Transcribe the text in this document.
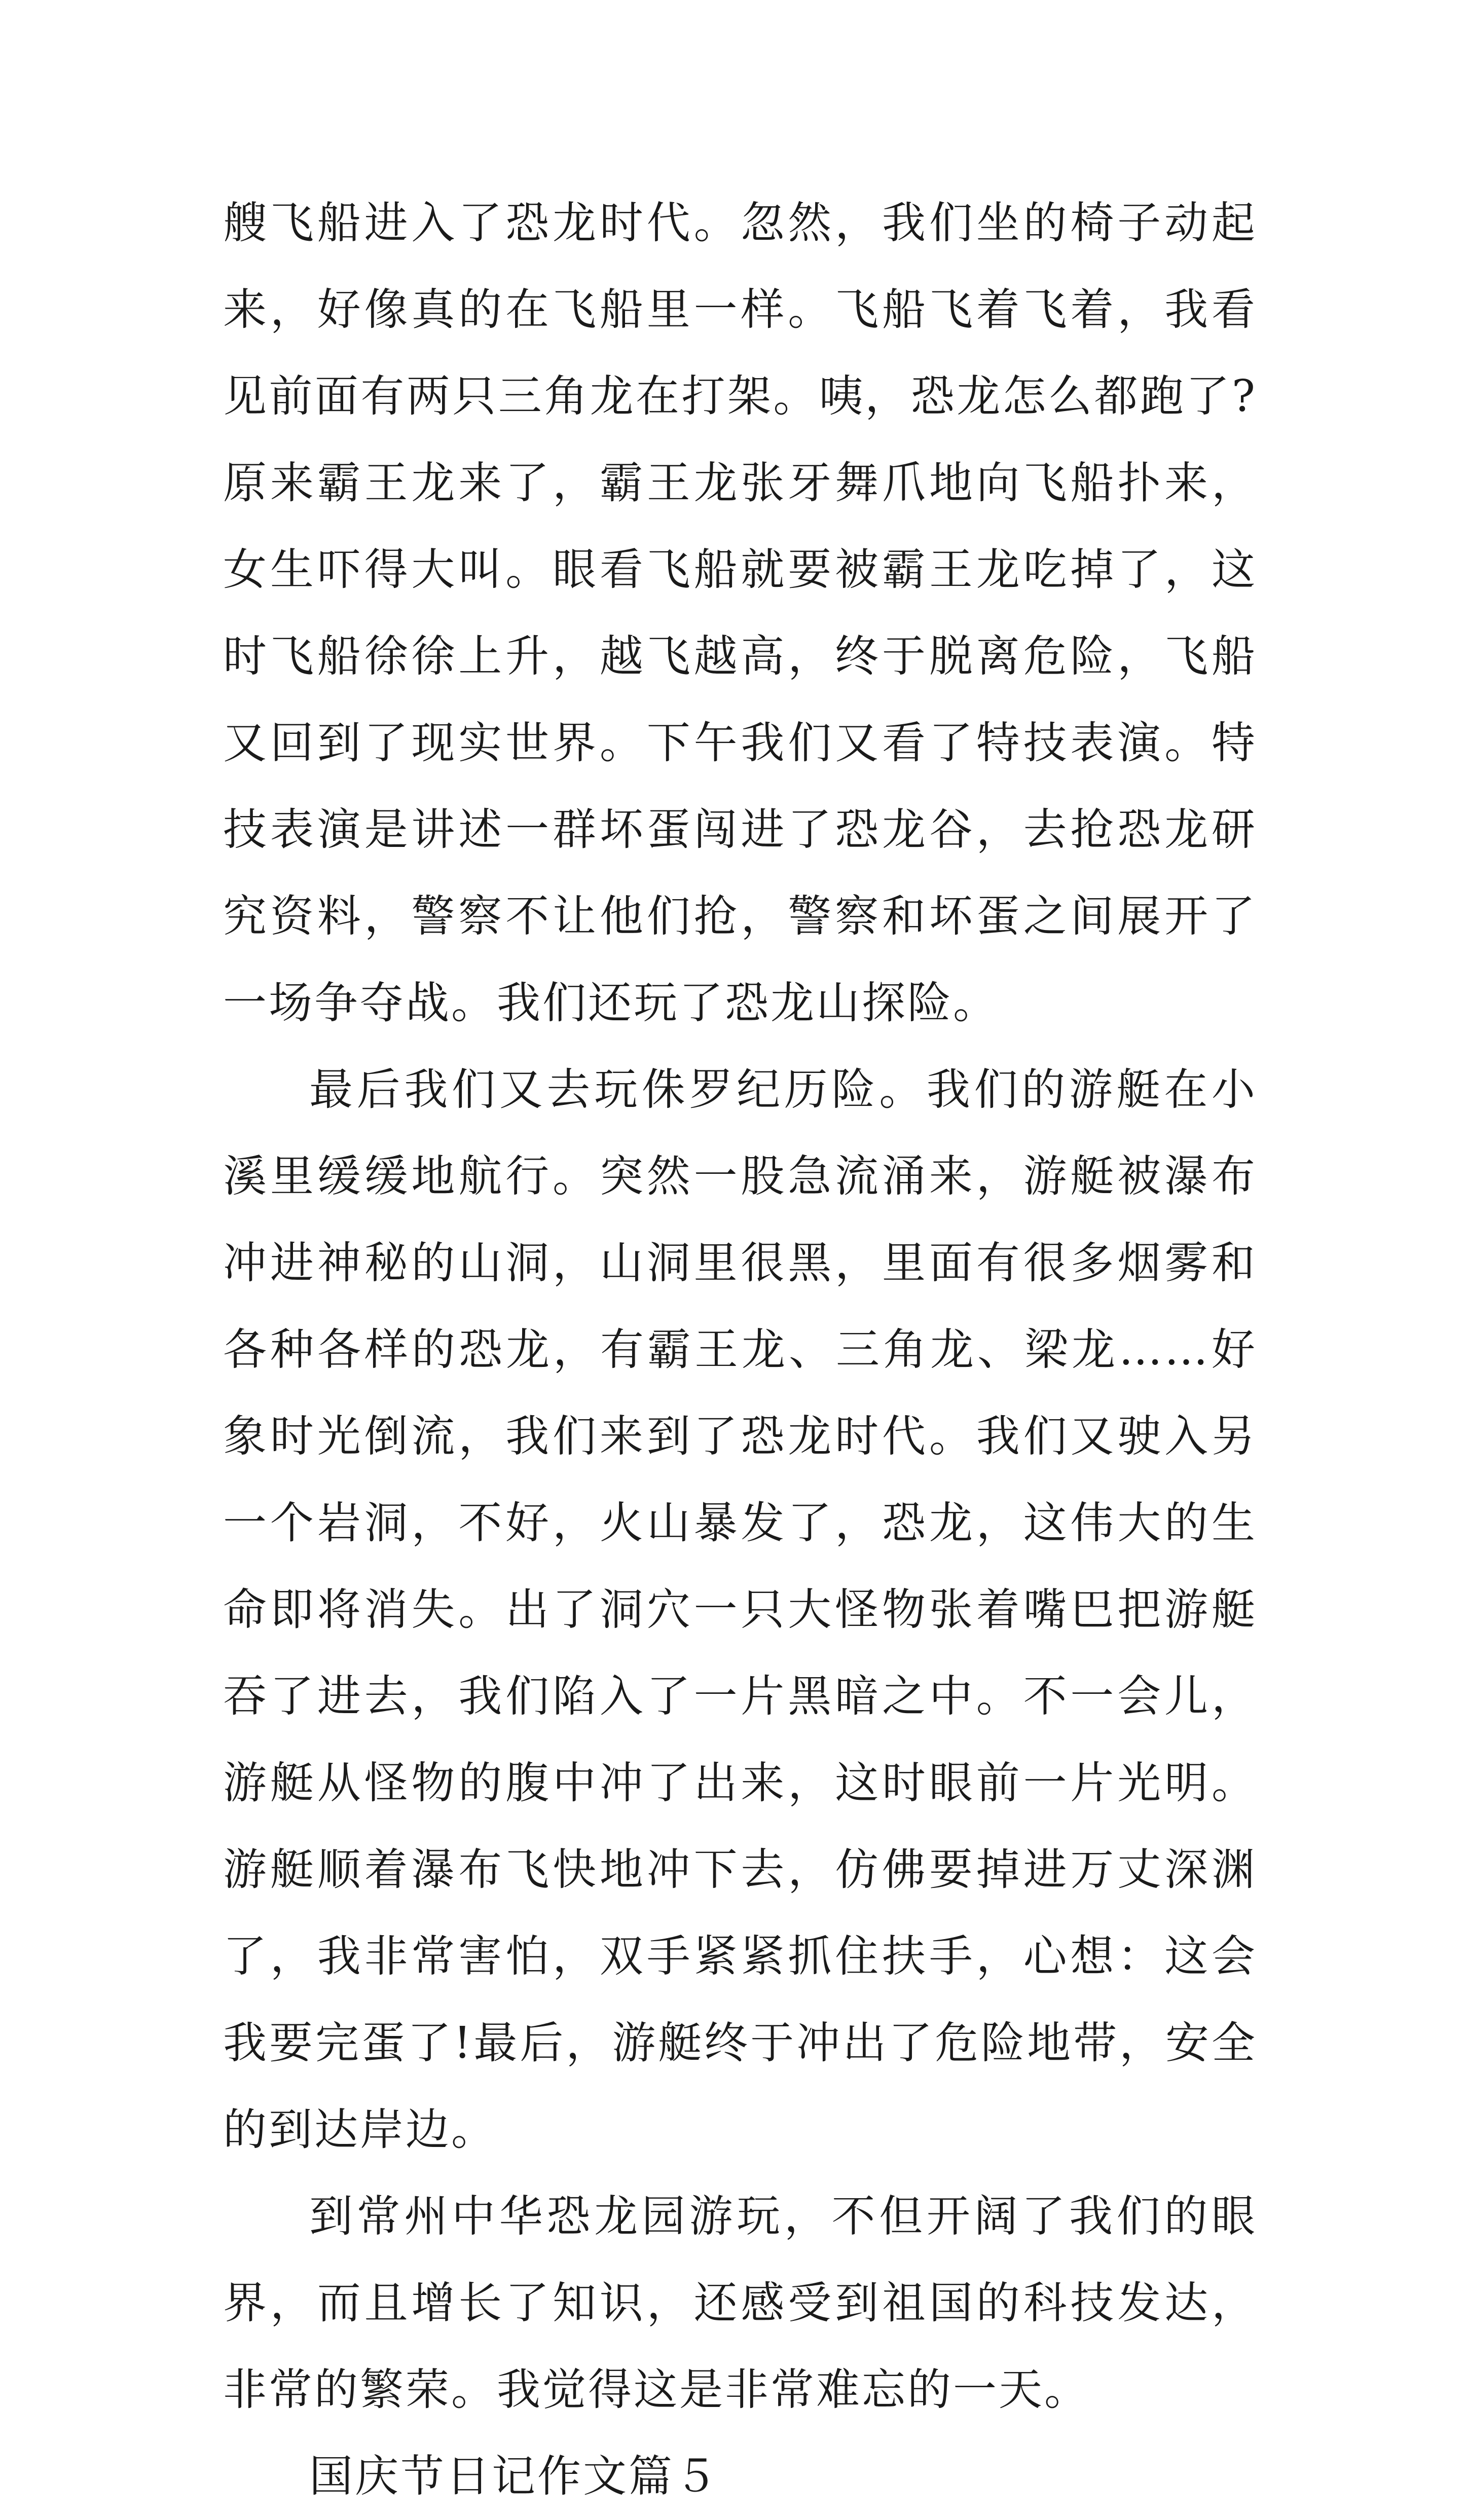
艘飞船进入了恐龙时代。忽然，我们坐的椅子动起来，好像真的在飞船里一样。飞船飞着飞着，我看见前面有两只三角龙在打架。咦，恐龙怎么都跑了?原来霸王龙来了，霸王龙张牙舞爪地向飞船扑来，女生吓得大叫。眼看飞船就要被霸王龙吃掉了，这时飞船徐徐上升，越飞越高，终于脱离危险，飞船又回到了现实世界。下午我们又看了特技表演。特技表演是讲述一群坏蛋闯进了恐龙谷，去抢恐龙研究资料，警察不让他们抢，警察和坏蛋之间展开了一场争夺战。我们还玩了恐龙山探险。

最后我们又去玩侏罗纪历险。我们的游艇在小溪里缓缓地航行。突然一股急流涌来，游艇被瀑布冲进神秘的山洞，山洞里很黑，里面有很多烟雾和各种各样的恐龙，有霸王龙、三角龙、梁龙……好象时光倒流，我们来到了恐龙时代。我们又驶入另一个岩洞，不好，火山暴发了，恐龙，这伟大的生命即将消失。出了洞穴一只大怪物张着嘴巴把游艇吞了进去，我们陷入了一片黑暗之中。不一会儿，游艇从怪物的腹中冲了出来，这时眼前一片光明。游艇顺着瀑布飞快地冲下去，仿佛要掉进万丈深渊了，我非常害怕，双手紧紧抓住扶手，心想：这会我要完蛋了!最后，游艇终于冲出了危险地带，安全的到达岸边。

到常州中华恐龙园游玩，不但开阔了我们的眼界，而且增长了知识，还感受到祖国的科技发达，非常的繁荣。我觉得这是非常难忘的一天。

国庆节日记作文篇５
